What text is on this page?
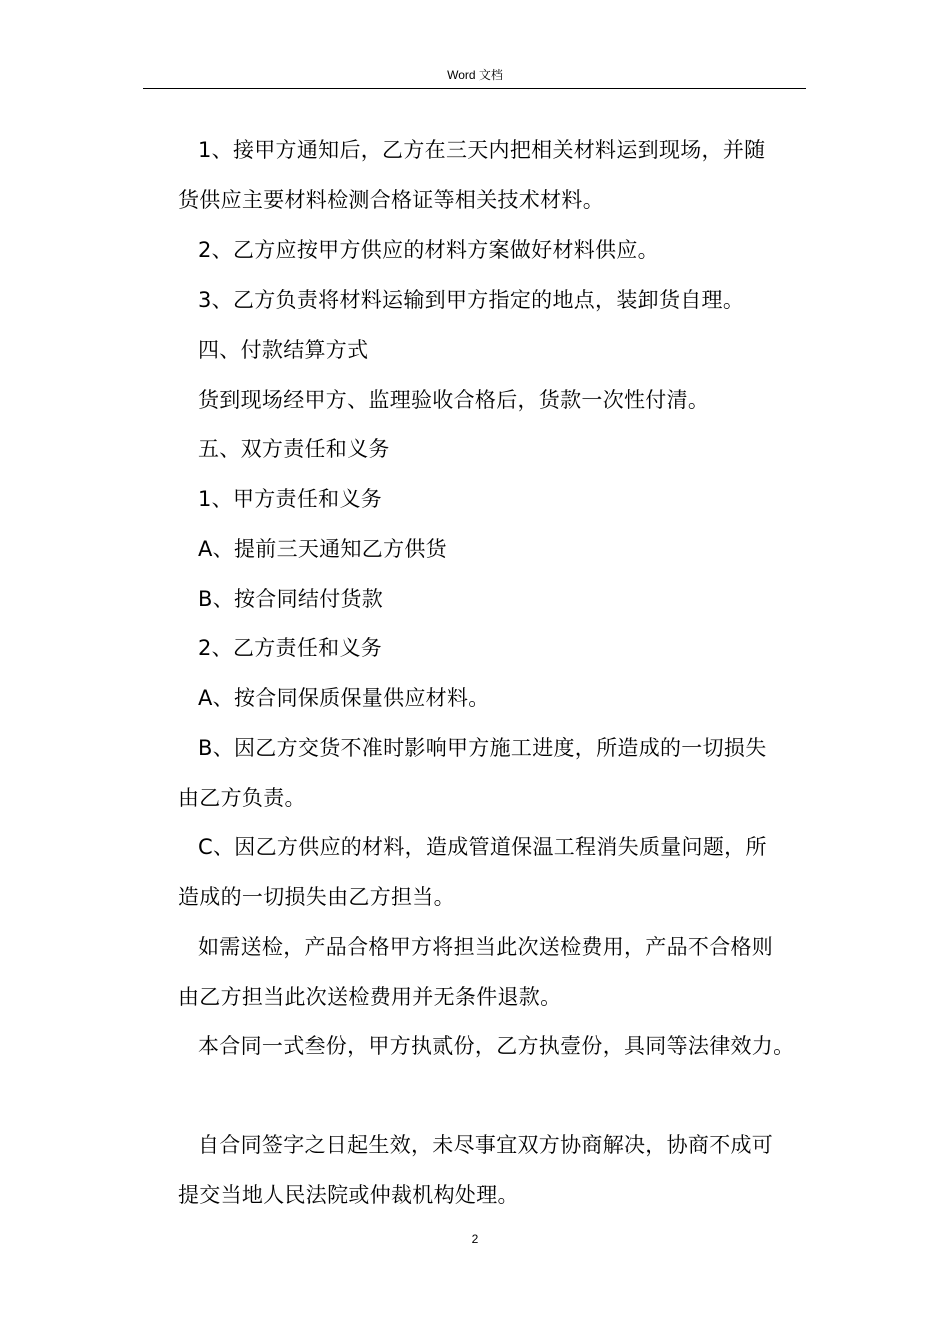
Word 文档
1、接甲方通知后，乙方在三天内把相关材料运到现场，并随
货供应主要材料检测合格证等相关技术材料。
2、乙方应按甲方供应的材料方案做好材料供应。
3、乙方负责将材料运输到甲方指定的地点，装卸货自理。
四、付款结算方式
货到现场经甲方、监理验收合格后，货款一次性付清。
五、双方责任和义务
1、甲方责任和义务
A、提前三天通知乙方供货
B、按合同结付货款
2、乙方责任和义务
A、按合同保质保量供应材料。
B、因乙方交货不准时影响甲方施工进度，所造成的一切损失
由乙方负责。
C、因乙方供应的材料，造成管道保温工程消失质量问题，所
造成的一切损失由乙方担当。
如需送检，产品合格甲方将担当此次送检费用，产品不合格则
由乙方担当此次送检费用并无条件退款。
本合同一式叁份，甲方执贰份，乙方执壹份，具同等法律效力。
自合同签字之日起生效，未尽事宜双方协商解决，协商不成可
提交当地人民法院或仲裁机构处理。
2
